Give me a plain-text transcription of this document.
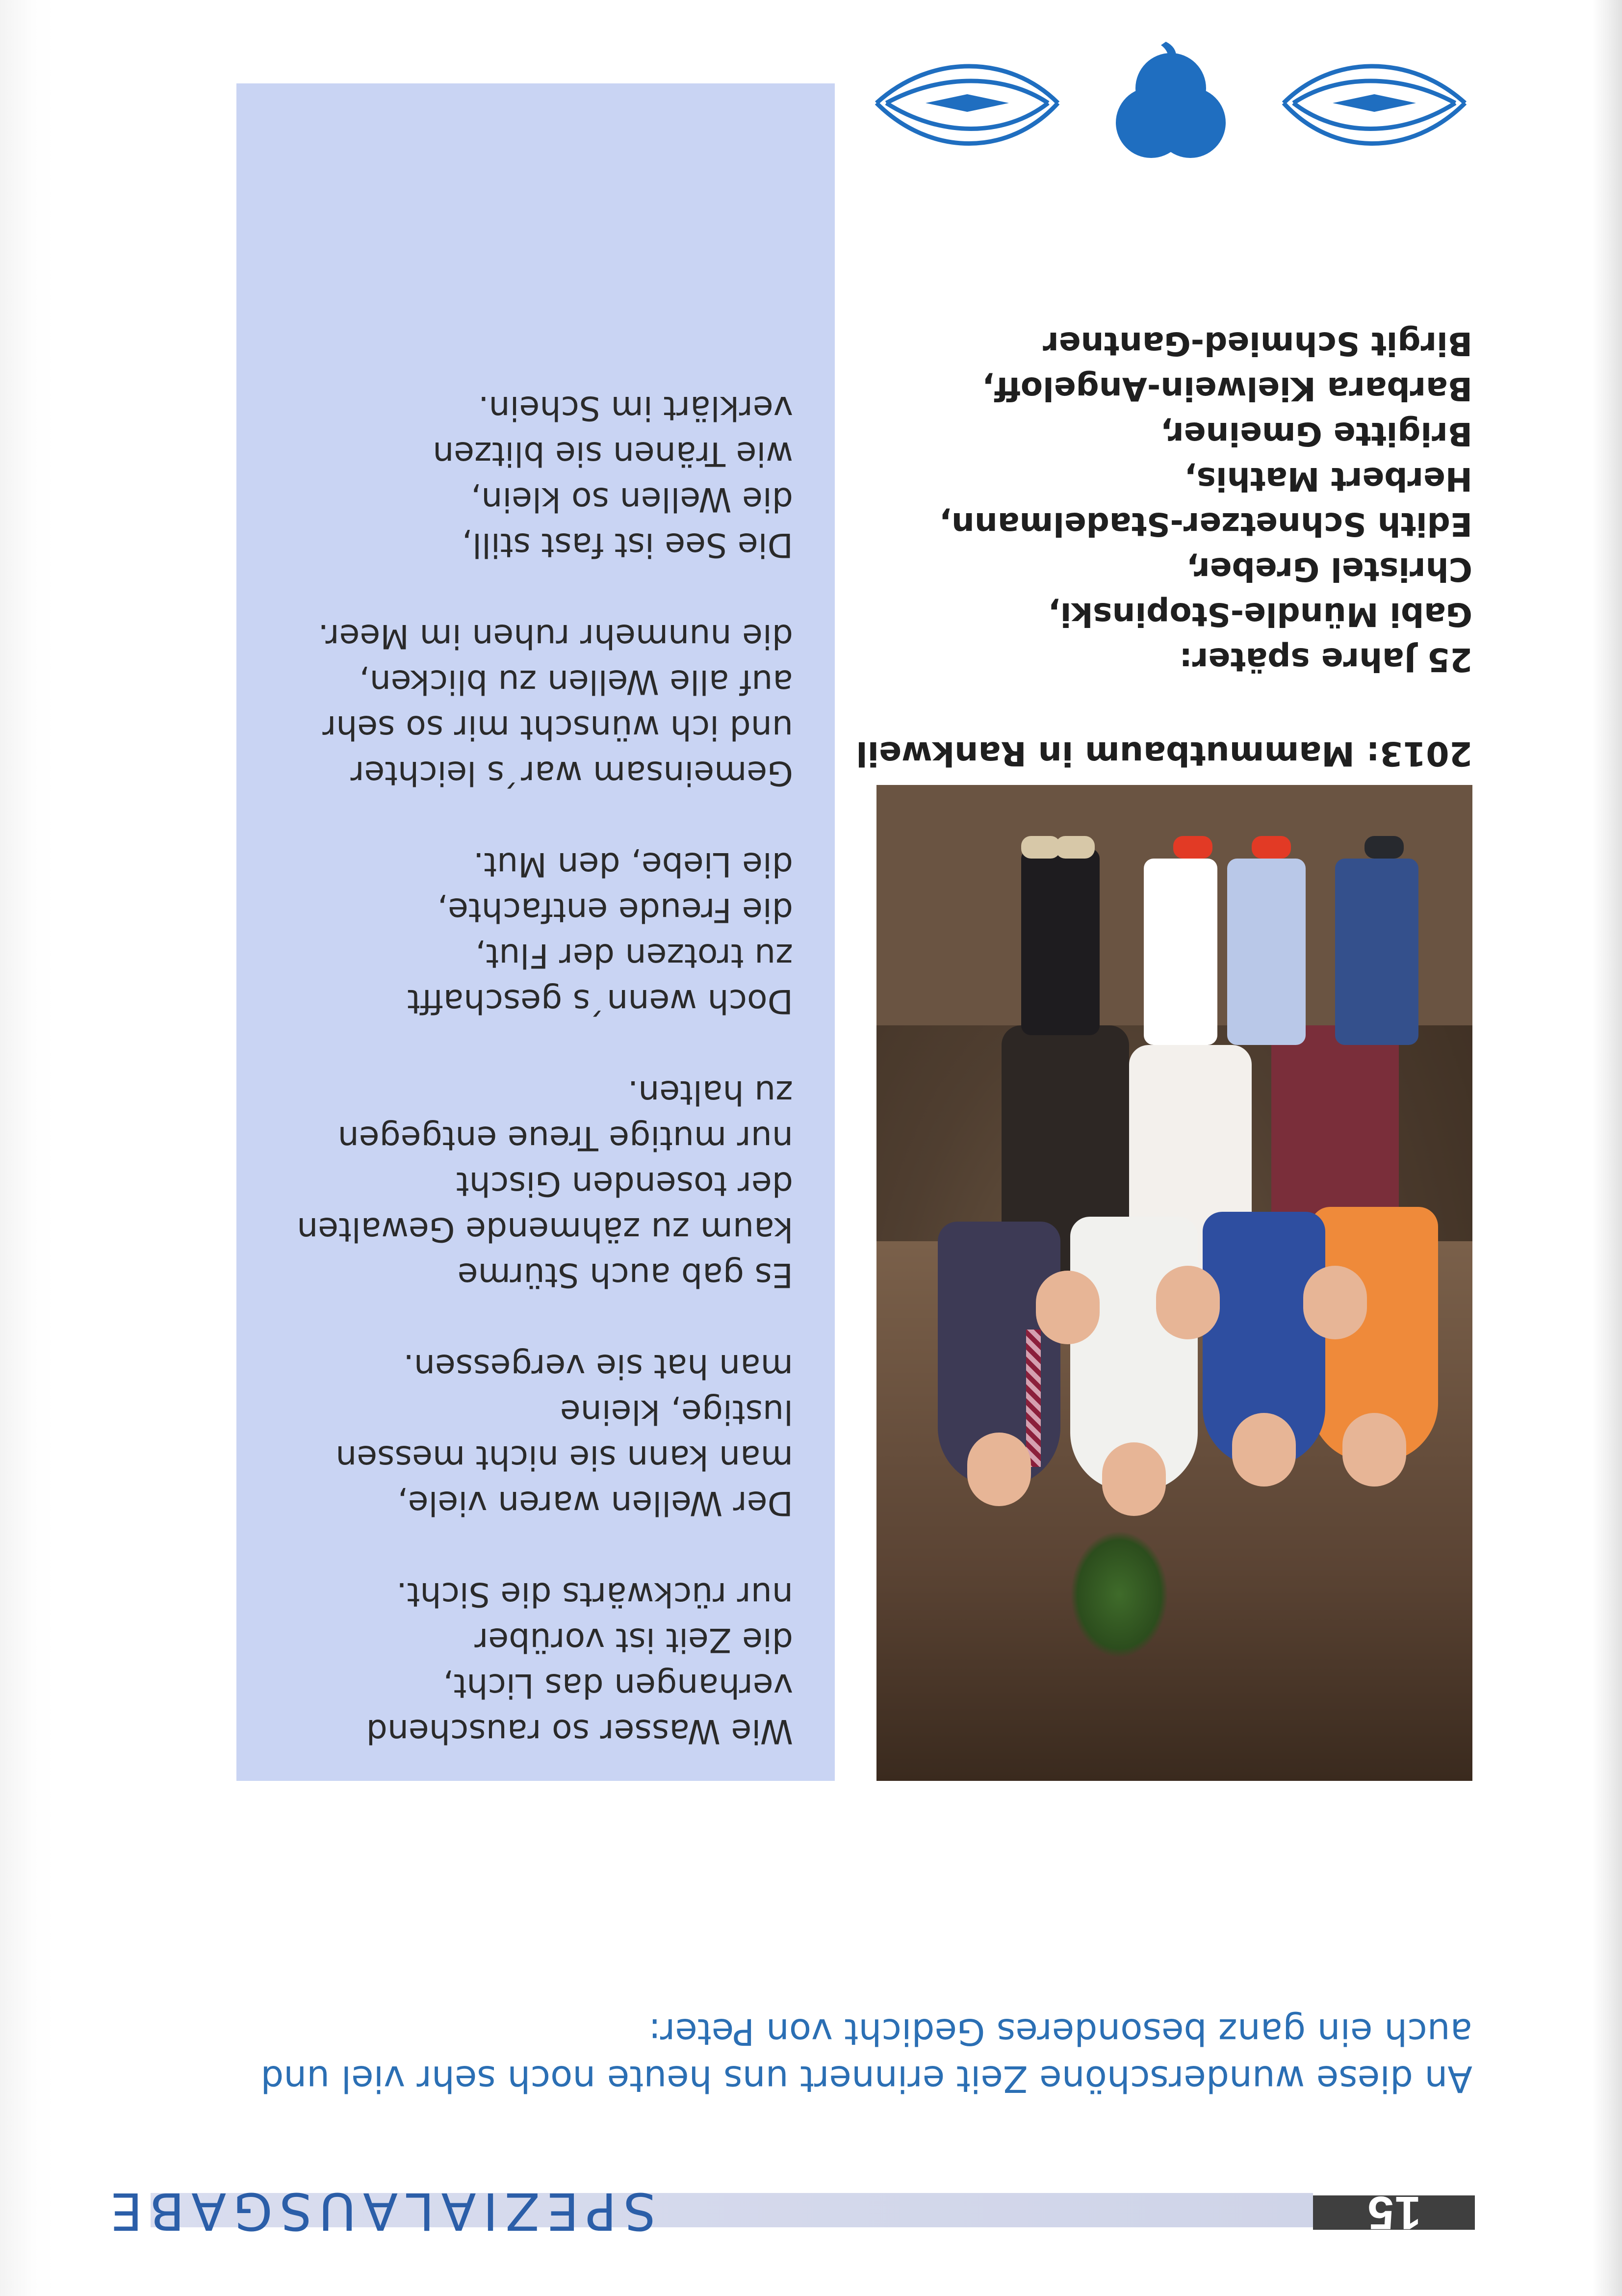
15
SPEZIALAUSGABE
An diese wunderschöne Zeit erinnert uns heute noch sehr viel und
auch ein ganz besonderes Gedicht von Peter:
2013: Mammutbaum in Rankweil
25 Jahre später:
Gabi Mündle-Stopinski,
Christel Greber,
Edith Schnetzer-Stadelmann,
Herbert Mathis,
Brigitte Gmeiner,
Barbara Kielwein-Angeloff,
Birgit Schmied-Gantner
Wie Wasser so rauschend
verhangen das Licht,
die Zeit ist vorüber
nur rückwärts die Sicht.
Der Wellen waren viele,
man kann sie nicht messen
lustige, kleine
man hat sie vergessen.
Es gab auch Stürme
kaum zu zähmende Gewalten
der tosenden Gischt
nur mutige Treue entgegen
zu halten.
Doch wenn´s geschafft
zu trotzen der Flut,
die Freude entfachte,
die Liebe, den Mut.
Gemeinsam war´s leichter
und ich wünscht mir so sehr
auf alle Wellen zu blicken,
die nunmehr ruhen im Meer.
Die See ist fast still,
die Wellen so klein,
wie Tränen sie blitzen
verklärt im Schein.
